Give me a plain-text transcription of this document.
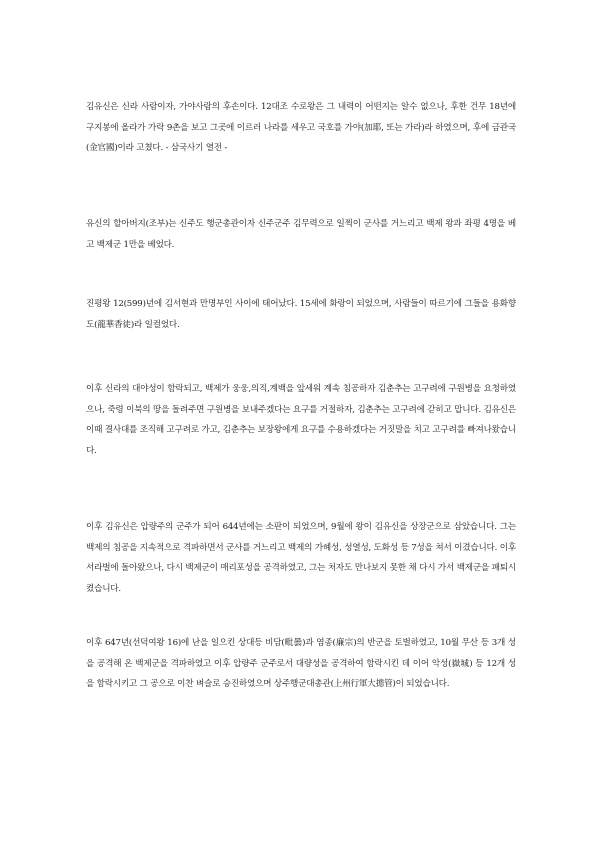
김유신은 신라 사람이자, 가야사람의 후손이다. 12대조 수로왕은 그 내력이 어떤지는 알수 없으나, 후한 건무 18년에 구지봉에 올라가 가락 9촌을 보고 그곳에 이르러 나라를 세우고 국호를 가야(加耶, 또는 가라)라 하였으며, 후에 금관국(金官國)이라 고쳤다. - 삼국사기 열전 -

유신의 할아버지(조부)는 신주도 행군총관이자 신주군주 김무력으로 일찍이 군사를 거느리고 백제 왕과 좌평 4명을 베고 백제군 1만을 베었다.

진평왕 12(599)년에 김서현과 만명부인 사이에 태어났다. 15세에 화랑이 되었으며, 사람들이 따르기에 그들을 용화향도(龍華香徒)라 일컬었다.

이후 신라의 대야성이 함락되고, 백제가 웅웅,의직,계백을 앞세워 계속 침공하자 김춘추는 고구려에 구원병을 요청하였으나, 죽령 이북의 땅을 돌려주면 구원병을 보내주겠다는 요구를 거절하자, 김춘추는 고구려에 갇히고 맙니다. 김유신은 이때 결사대를 조직해 고구려로 가고, 김춘추는 보장왕에게 요구를 수용하겠다는 거짓말을 치고 고구려를 빠져나왔습니다.

이후 김유신은 압량주의 군주가 되어 644년에는 소판이 되었으며, 9월에 왕이 김유신을 상장군으로 삼았습니다. 그는 백제의 침공을 지속적으로 격파하면서 군사를 거느리고 백제의 가혜성, 성열성, 도화성 등 7성을 쳐서 이겼습니다. 이후 서라벌에 돌아왔으나, 다시 백제군이 매리포성을 공격하였고, 그는 처자도 만나보지 못한 채 다시 가서 백제군을 패퇴시켰습니다.

이후 647년(선덕여왕 16)에 난을 일으킨 상대등 비담(毗曇)과 염종(廉宗)의 반군을 토벌하였고, 10월 무산 등 3개 성을 공격해 온 백제군을 격파하였고 이후 압량주 군주로서 대량성을 공격하여 함락시킨 데 이어 악성(嶽城) 등 12개 성을 함락시키고 그 공으로 이찬 벼슬로 승진하였으며 상주행군대총관(上州行軍大摠管)이 되었습니다.
